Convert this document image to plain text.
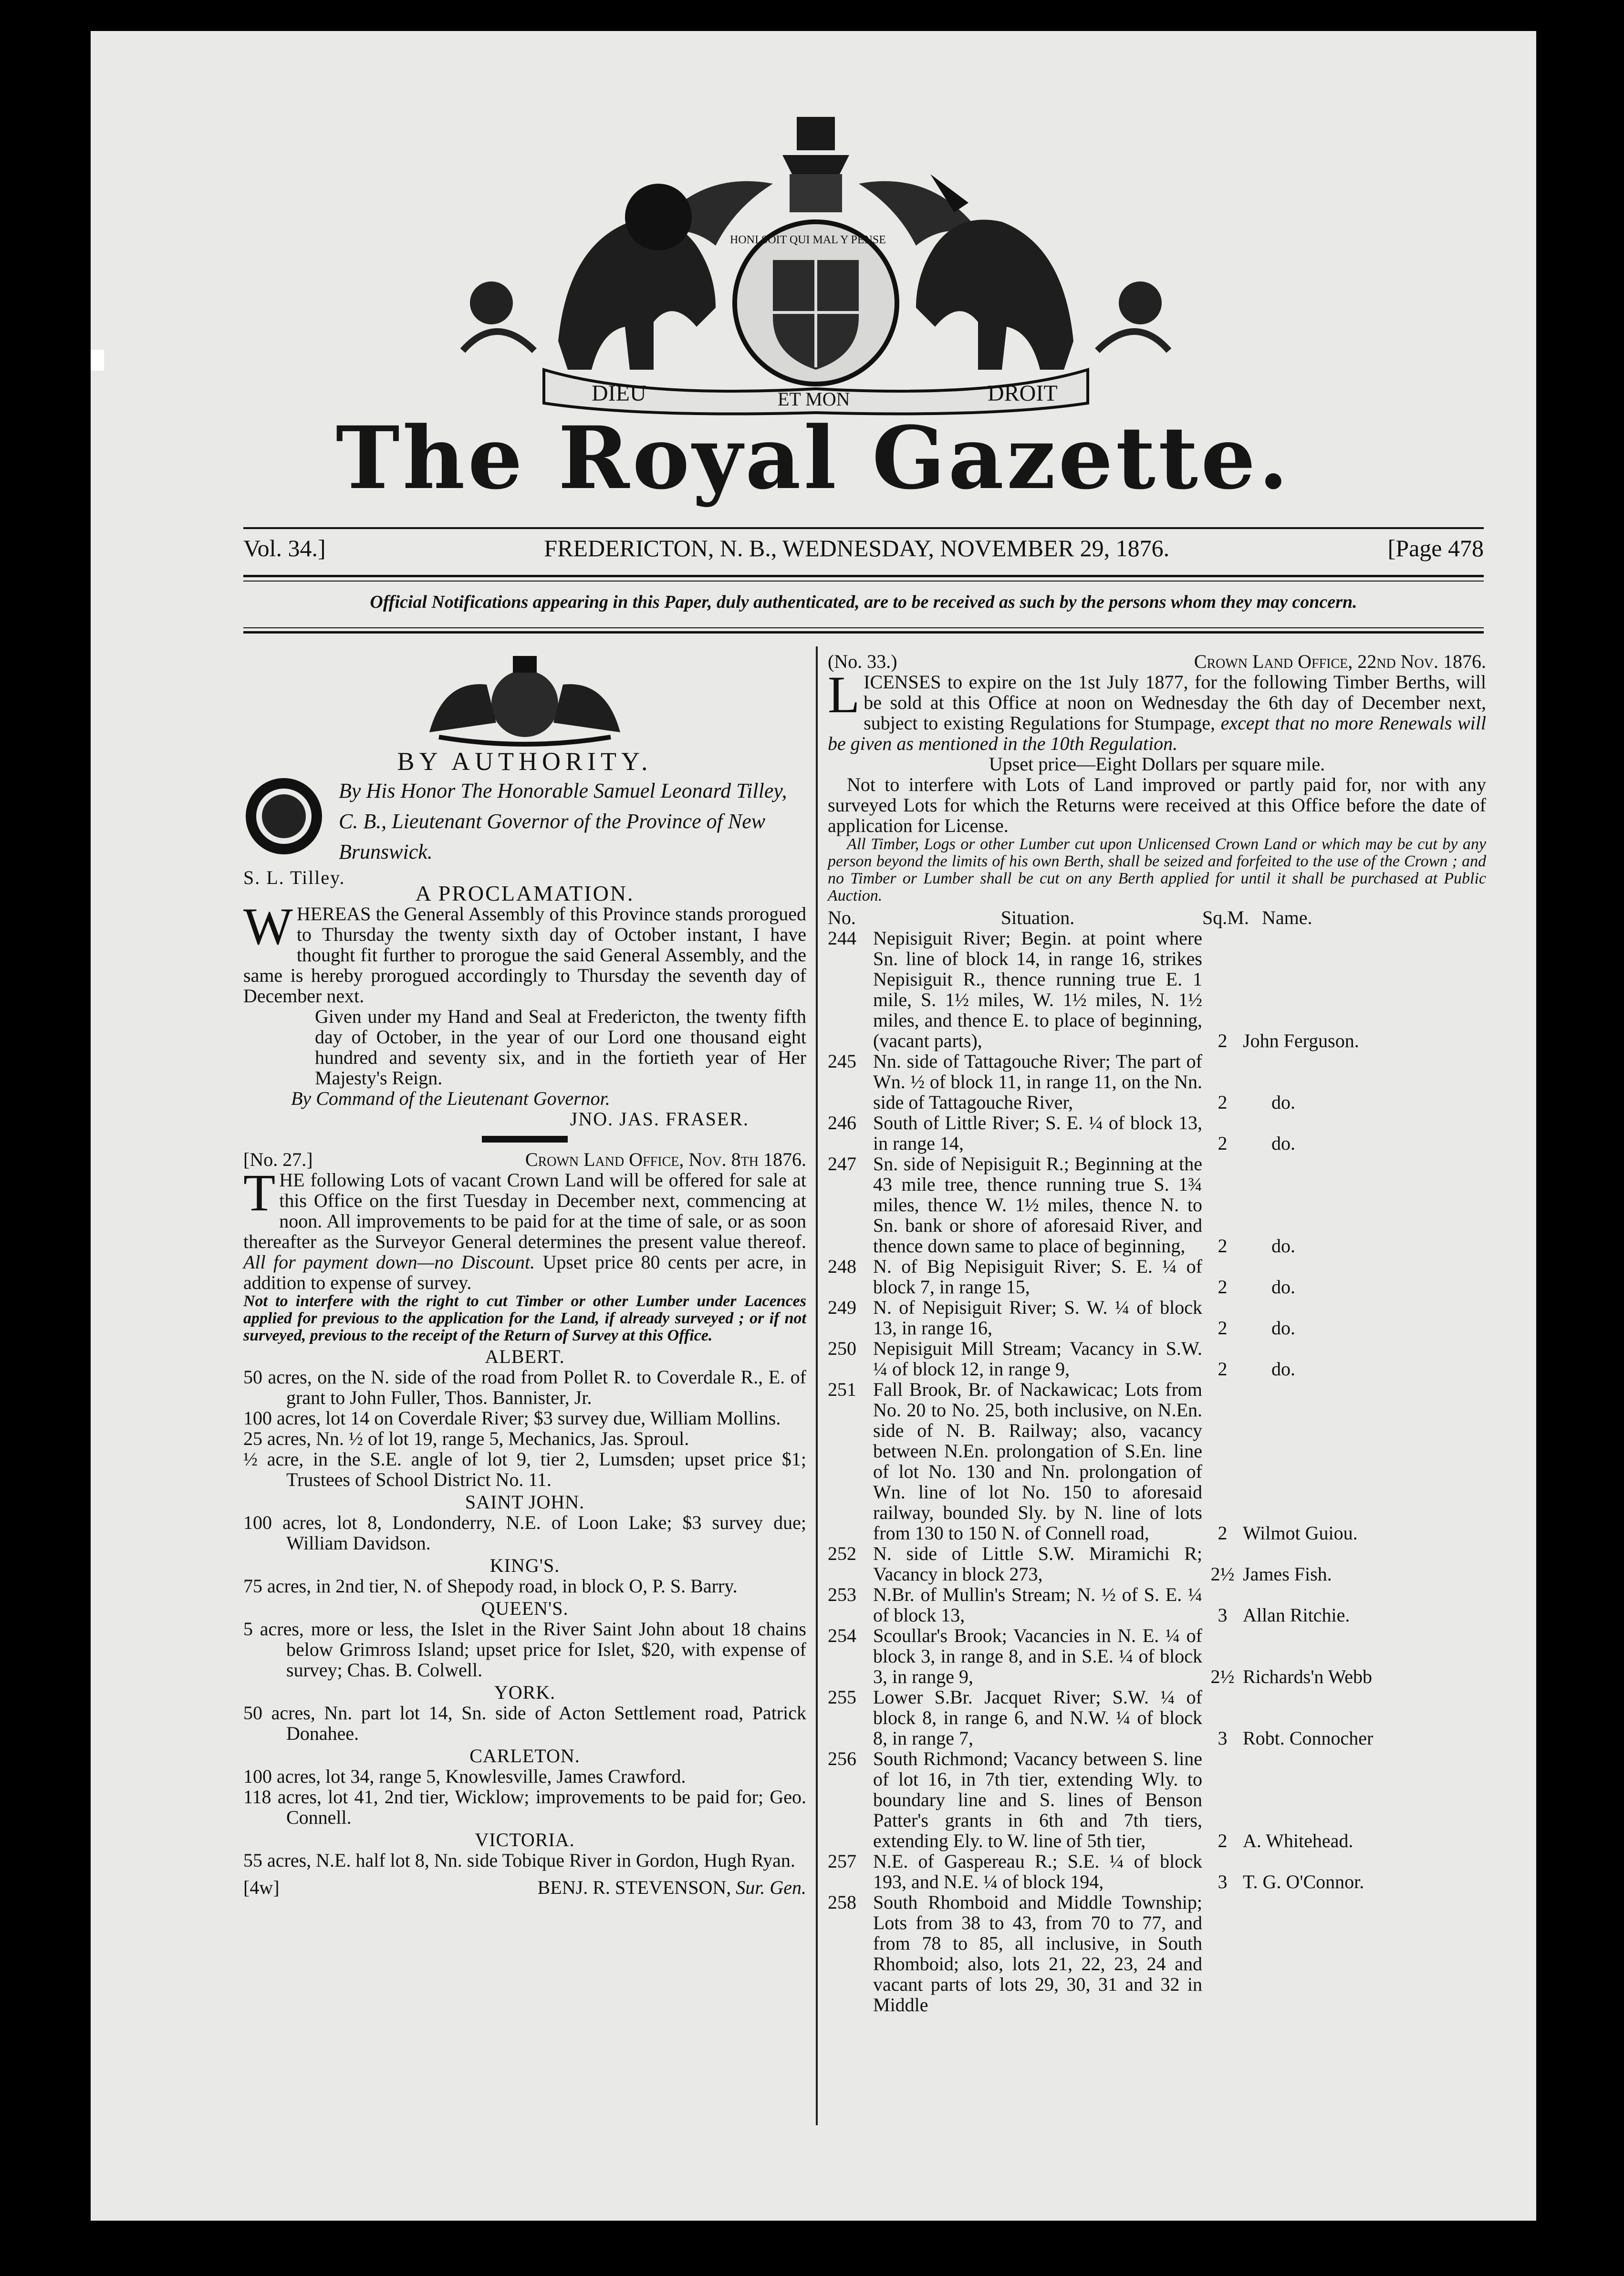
DIEU	ET MON	DROIT
HONI SOIT QUI MAL Y PENSE
The Royal Gazette.
Vol. 34.]	FREDERICTON, N. B., WEDNESDAY, NOVEMBER 29, 1876.	[Page 478
Official Notifications appearing in this Paper, duly authenticated, are to be received as such by the persons whom they may concern.
BY AUTHORITY.
By His Honor The Honorable Samuel Leonard Tilley, C. B., Lieutenant Governor of the Province of New Brunswick.
S. L. Tilley.
A PROCLAMATION.
WHEREAS the General Assembly of this Province stands prorogued to Thursday the twenty sixth day of October instant, I have thought fit further to prorogue the said General Assembly, and the same is hereby prorogued accordingly to Thursday the seventh day of December next.
Given under my Hand and Seal at Fredericton, the twenty fifth day of October, in the year of our Lord one thousand eight hundred and seventy six, and in the fortieth year of Her Majesty's Reign.
By Command of the Lieutenant Governor.
JNO. JAS. FRASER.
[No. 27.]	Crown Land Office, Nov. 8th 1876.
THE following Lots of vacant Crown Land will be offered for sale at this Office on the first Tuesday in December next, commencing at noon. All improvements to be paid for at the time of sale, or as soon thereafter as the Surveyor General determines the present value thereof. All for payment down—no Discount. Upset price 80 cents per acre, in addition to expense of survey.
Not to interfere with the right to cut Timber or other Lumber under Lacences applied for previous to the application for the Land, if already surveyed ; or if not surveyed, previous to the receipt of the Return of Survey at this Office.
ALBERT.
50 acres, on the N. side of the road from Pollet R. to Coverdale R., E. of grant to John Fuller, Thos. Bannister, Jr.
100 acres, lot 14 on Coverdale River; $3 survey due, William Mollins.
25 acres, Nn. ½ of lot 19, range 5, Mechanics, Jas. Sproul.
½ acre, in the S.E. angle of lot 9, tier 2, Lumsden; upset price $1; Trustees of School District No. 11.
SAINT JOHN.
100 acres, lot 8, Londonderry, N.E. of Loon Lake; $3 survey due; William Davidson.
KING'S.
75 acres, in 2nd tier, N. of Shepody road, in block O, P. S. Barry.
QUEEN'S.
5 acres, more or less, the Islet in the River Saint John about 18 chains below Grimross Island; upset price for Islet, $20, with expense of survey; Chas. B. Colwell.
YORK.
50 acres, Nn. part lot 14, Sn. side of Acton Settlement road, Patrick Donahee.
CARLETON.
100 acres, lot 34, range 5, Knowlesville, James Crawford.
118 acres, lot 41, 2nd tier, Wicklow; improvements to be paid for; Geo. Connell.
VICTORIA.
55 acres, N.E. half lot 8, Nn. side Tobique River in Gordon, Hugh Ryan.
[4w]	BENJ. R. STEVENSON, Sur. Gen.
(No. 33.)	Crown Land Office, 22nd Nov. 1876.
LICENSES to expire on the 1st July 1877, for the following Timber Berths, will be sold at this Office at noon on Wednesday the 6th day of December next, subject to existing Regulations for Stumpage, except that no more Renewals will be given as mentioned in the 10th Regulation.
Upset price—Eight Dollars per square mile.
Not to interfere with Lots of Land improved or partly paid for, nor with any surveyed Lots for which the Returns were received at this Office before the date of application for License.
All Timber, Logs or other Lumber cut upon Unlicensed Crown Land or which may be cut by any person beyond the limits of his own Berth, shall be seized and forfeited to the use of the Crown ; and no Timber or Lumber shall be cut on any Berth applied for until it shall be purchased at Public Auction.
No.	Situation.	Sq.M. Name.
244 Nepisiguit River; Begin. at point where Sn. line of block 14, in range 16, strikes Nepisiguit R., thence running true E. 1 mile, S. 1½ miles, W. 1½ miles, N. 1½ miles, and thence E. to place of beginning, (vacant parts),	2 John Ferguson.
245 Nn. side of Tattagouche River; The part of Wn. ½ of block 11, in range 11, on the Nn. side of Tattagouche River,	2	do.
246 South of Little River; S. E. ¼ of block 13, in range 14,	2	do.
247 Sn. side of Nepisiguit R.; Beginning at the 43 mile tree, thence running true S. 1¾ miles, thence W. 1½ miles, thence N. to Sn. bank or shore of aforesaid River, and thence down same to place of beginning,	2	do.
248 N. of Big Nepisiguit River; S. E. ¼ of block 7, in range 15,	2	do.
249 N. of Nepisiguit River; S. W. ¼ of block 13, in range 16,	2	do.
250 Nepisiguit Mill Stream; Vacancy in S.W. ¼ of block 12, in range 9,	2	do.
251 Fall Brook, Br. of Nackawicac; Lots from No. 20 to No. 25, both inclusive, on N.En. side of N. B. Railway; also, vacancy between N.En. prolongation of S.En. line of lot No. 130 and Nn. prolongation of Wn. line of lot No. 150 to aforesaid railway, bounded Sly. by N. line of lots from 130 to 150 N. of Connell road,	2 Wilmot Guiou.
252 N. side of Little S.W. Miramichi R; Vacancy in block 273,	2½ James Fish.
253 N.Br. of Mullin's Stream; N. ½ of S. E. ¼ of block 13,	3 Allan Ritchie.
254 Scoullar's Brook; Vacancies in N. E. ¼ of block 3, in range 8, and in S.E. ¼ of block 3, in range 9,	2½ Richards'n Webb
255 Lower S.Br. Jacquet River; S.W. ¼ of block 8, in range 6, and N.W. ¼ of block 8, in range 7,	3 Robt. Connocher
256 South Richmond; Vacancy between S. line of lot 16, in 7th tier, extending Wly. to boundary line and S. lines of Benson Patter's grants in 6th and 7th tiers, extending Ely. to W. line of 5th tier,	2 A. Whitehead.
257 N.E. of Gaspereau R.; S.E. ¼ of block 193, and N.E. ¼ of block 194,	3 T. G. O'Connor.
258 South Rhomboid and Middle Township; Lots from 38 to 43, from 70 to 77, and from 78 to 85, all inclusive, in South Rhomboid; also, lots 21, 22, 23, 24 and vacant parts of lots 29, 30, 31 and 32 in Middle
